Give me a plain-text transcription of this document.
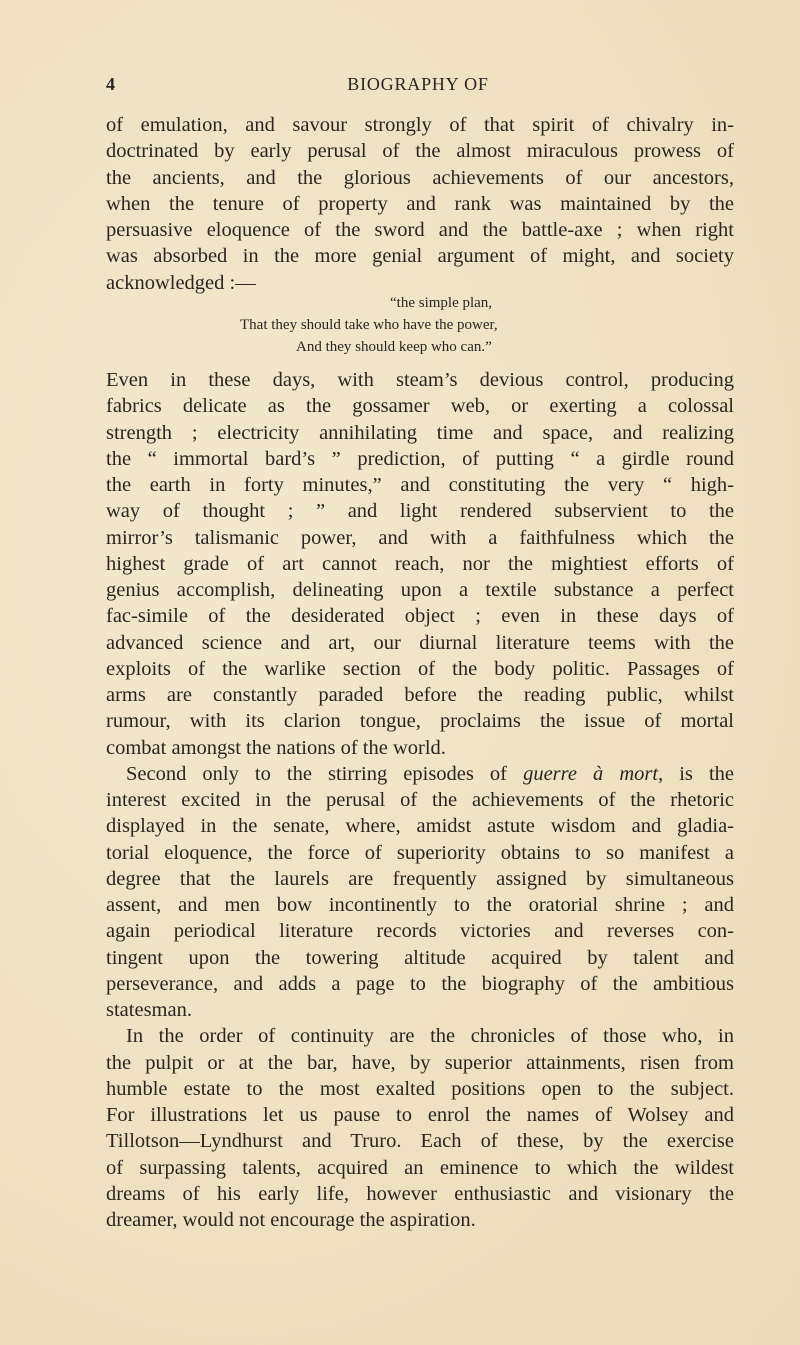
4	BIOGRAPHY OF
of emulation, and savour strongly of that spirit of chivalry in-
doctrinated by early perusal of the almost miraculous prowess of
the ancients, and the glorious achievements of our ancestors,
when the tenure of property and rank was maintained by the
persuasive eloquence of the sword and the battle-axe ; when right
was absorbed in the more genial argument of might, and society
acknowledged :—
“the simple plan,
That they should take who have the power,
And they should keep who can.”
Even in these days, with steam’s devious control, producing
fabrics delicate as the gossamer web, or exerting a colossal
strength ; electricity annihilating time and space, and realizing
the “ immortal bard’s ” prediction, of putting “ a girdle round
the earth in forty minutes,” and constituting the very “ high-
way of thought ; ” and light rendered subservient to the
mirror’s talismanic power, and with a faithfulness which the
highest grade of art cannot reach, nor the mightiest efforts of
genius accomplish, delineating upon a textile substance a perfect
fac-simile of the desiderated object ; even in these days of
advanced science and art, our diurnal literature teems with the
exploits of the warlike section of the body politic. Passages of
arms are constantly paraded before the reading public, whilst
rumour, with its clarion tongue, proclaims the issue of mortal
combat amongst the nations of the world.
Second only to the stirring episodes of guerre à mort, is the
interest excited in the perusal of the achievements of the rhetoric
displayed in the senate, where, amidst astute wisdom and gladia-
torial eloquence, the force of superiority obtains to so manifest a
degree that the laurels are frequently assigned by simultaneous
assent, and men bow incontinently to the oratorial shrine ; and
again periodical literature records victories and reverses con-
tingent upon the towering altitude acquired by talent and
perseverance, and adds a page to the biography of the ambitious
statesman.
In the order of continuity are the chronicles of those who, in
the pulpit or at the bar, have, by superior attainments, risen from
humble estate to the most exalted positions open to the subject.
For illustrations let us pause to enrol the names of Wolsey and
Tillotson—Lyndhurst and Truro. Each of these, by the exercise
of surpassing talents, acquired an eminence to which the wildest
dreams of his early life, however enthusiastic and visionary the
dreamer, would not encourage the aspiration.
